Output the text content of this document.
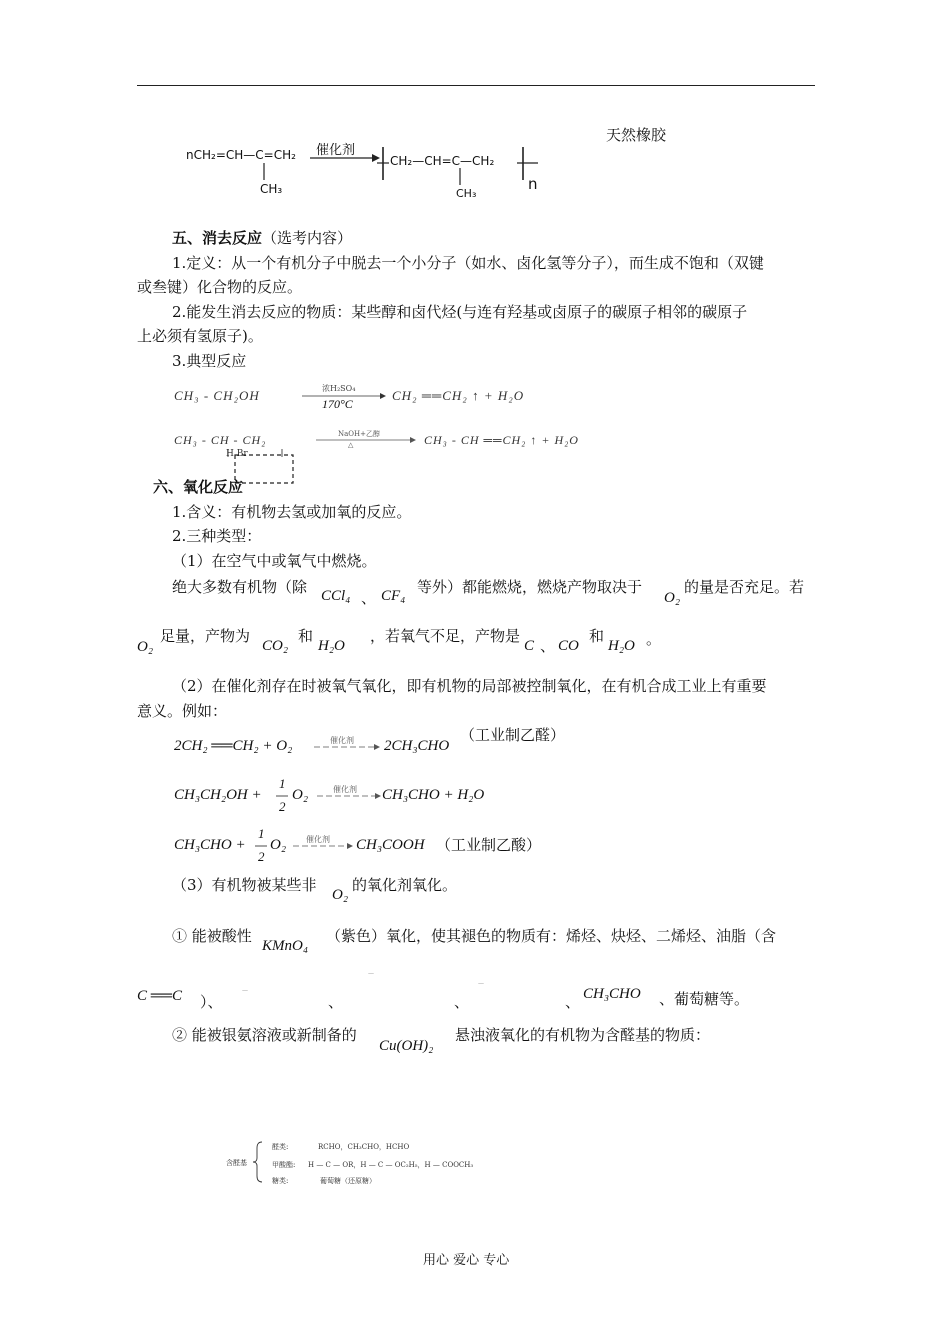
nCH₂=CH—C=CH₂
CH₃
催化剂
CH₂—CH=C—CH₂
CH₃
n
天然橡胶
五、消去反应（选考内容）
1.定义：从一个有机分子中脱去一个小分子（如水、卤化氢等分子），而生成不饱和（双键
或叁键）化合物的反应。
2.能发生消去反应的物质：某些醇和卤代烃(与连有羟基或卤原子的碳原子相邻的碳原子
上必须有氢原子)。
3.典型反应
CH₃ - CH₂OH	浓H₂SO₄
170°C
CH₂ ══CH₂ ↑ + H₂O
CH₃ - CH - CH₂	NaOH+乙醇
△	CH₃ - CH ══CH₂ ↑ + H₂O
H Br
六、氧化反应
1.含义：有机物去氢或加氧的反应。
2.三种类型：
（1）在空气中或氧气中燃烧。
绝大多数有机物（除 CCl₄ 、 CF₄ 等外）都能燃烧，燃烧产物取决于
O₂
的量是否充足。若
O₂
足量，产物为
CO₂
和
H₂O
，若氧气不足，产物是
C 、 CO
和
H₂O 。
（2）在催化剂存在时被氧气氧化，即有机物的局部被控制氧化，在有机合成工业上有重要
意义。例如：
2CH₂ ══CH₂ + O₂	催化剂 2CH₃CHO
（工业制乙醛）
CH₃CH₂OH +
1
2
O₂	催化剂 CH₃CHO + H₂O
CH₃CHO +
1
2
O₂ 催化剂 CH₃COOH （工业制乙酸）
（3）有机物被某些非
O₂
的氧化剂氧化。
① 能被酸性
KMnO₄
（紫色）氧化，使其褪色的物质有：烯烃、炔烃、二烯烃、油脂（含
C ══C ）、
—
、
—
、
—
、 CH₃CHO 、葡萄糖等。
② 能被银氨溶液或新制备的
Cu(OH)₂
悬浊液氧化的有机物为含醛基的物质：
含醛基
醛类:	RCHO，CH₃CHO，HCHO
甲酸酯: H — C — OR，H — C — OC₂H₅，H — COOCH₃
糖类:	葡萄糖（还原糖）
用心 爱心 专心
